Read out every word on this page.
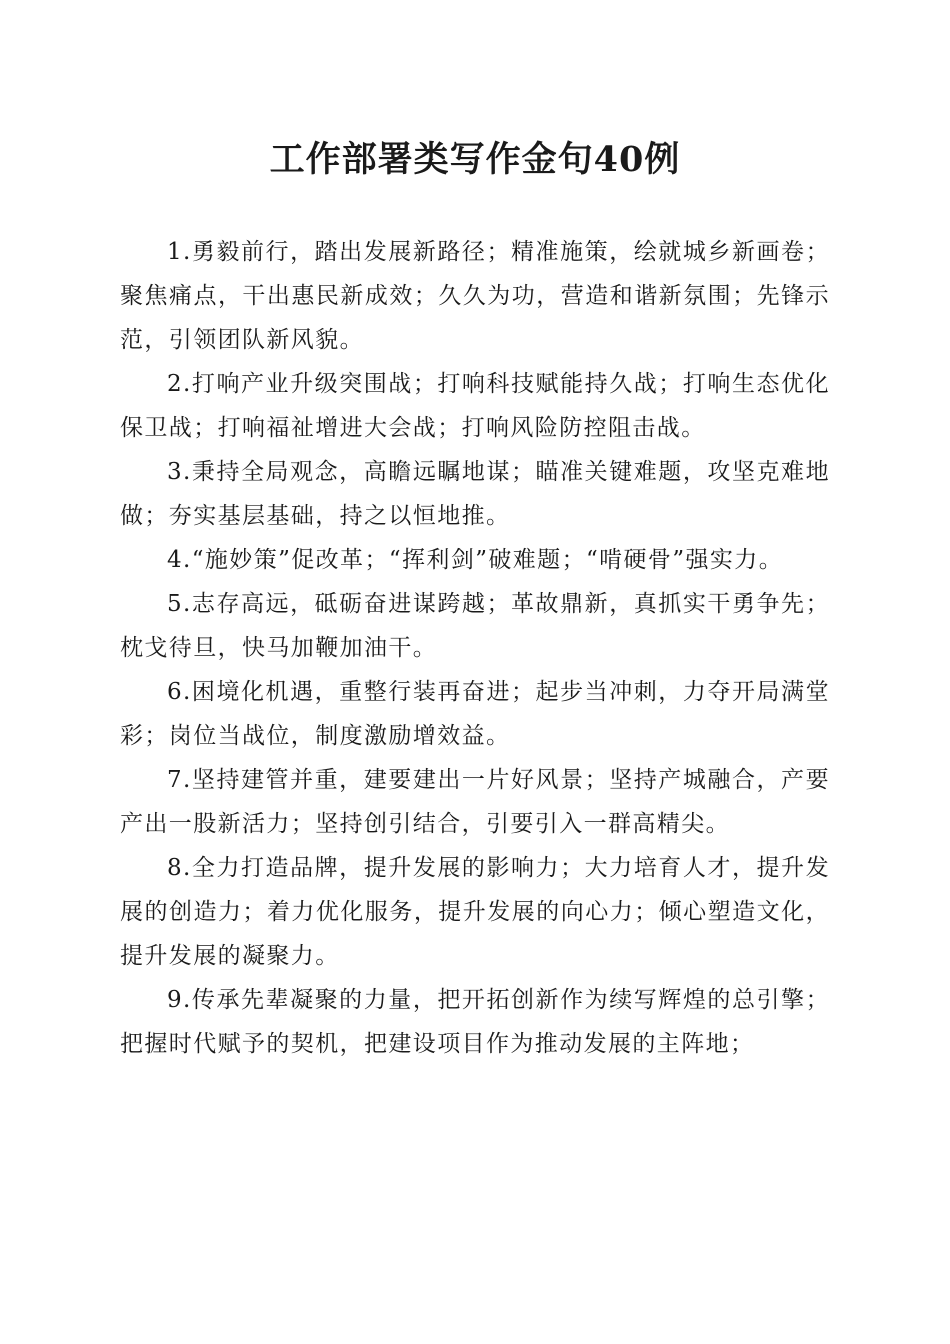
工作部署类写作金句40例

1.勇毅前行，踏出发展新路径；精准施策，绘就城乡新画卷；聚焦痛点，干出惠民新成效；久久为功，营造和谐新氛围；先锋示范，引领团队新风貌。

2.打响产业升级突围战；打响科技赋能持久战；打响生态优化保卫战；打响福祉增进大会战；打响风险防控阻击战。

3.秉持全局观念，高瞻远瞩地谋；瞄准关键难题，攻坚克难地做；夯实基层基础，持之以恒地推。

4.“施妙策”促改革；“挥利剑”破难题；“啃硬骨”强实力。

5.志存高远，砥砺奋进谋跨越；革故鼎新，真抓实干勇争先；枕戈待旦，快马加鞭加油干。

6.困境化机遇，重整行装再奋进；起步当冲刺，力夺开局满堂彩；岗位当战位，制度激励增效益。

7.坚持建管并重，建要建出一片好风景；坚持产城融合，产要产出一股新活力；坚持创引结合，引要引入一群高精尖。

8.全力打造品牌，提升发展的影响力；大力培育人才，提升发展的创造力；着力优化服务，提升发展的向心力；倾心塑造文化，提升发展的凝聚力。

9.传承先辈凝聚的力量，把开拓创新作为续写辉煌的总引擎；把握时代赋予的契机，把建设项目作为推动发展的主阵地；
